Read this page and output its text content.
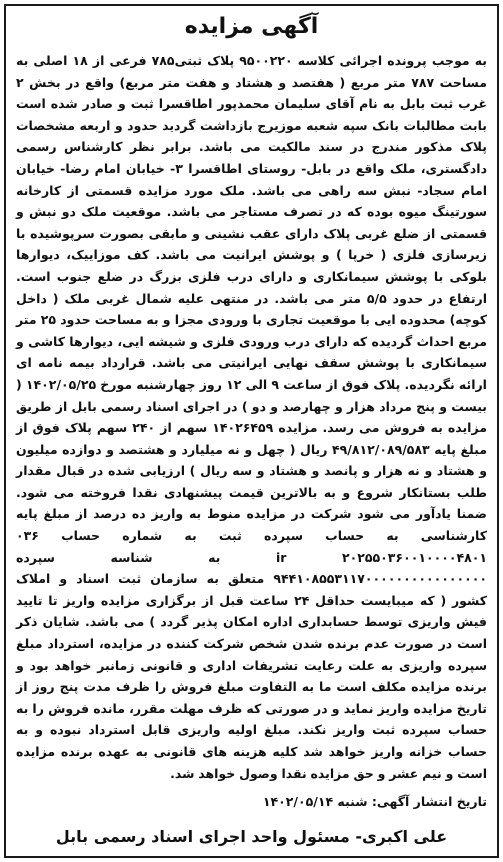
آگهی مزایده

به موجب پرونده اجرائی کلاسه ۹۵۰۰۲۲۰ پلاک ثبتی۷۸۵ فرعی از ۱۸ اصلی به مساحت ۷۸۷ متر مربع ( هفتصد و هشتاد و هفت متر مربع) واقع در بخش ۲ غرب ثبت بابل به نام آقای سلیمان محمدپور اطاقسرا ثبت و صادر شده است بابت مطالبات بانک سپه شعبه موزیرج بازداشت گردید حدود و اربعه مشخصات پلاک مذکور مندرج در سند مالکیت می باشد. برابر نظر کارشناس رسمی دادگستری، ملک واقع در بابل- روستای اطاقسرا ۳- خیابان امام رضا- خیابان امام سجاد- نبش سه راهی می باشد. ملک مورد مزایده قسمتی از کارخانه سورتینگ میوه بوده که در تصرف مستاجر می باشد. موقعیت ملک دو نبش و قسمتی از ضلع غربی پلاک دارای عقب نشینی و مابقی بصورت سرپوشیده با زیرسازی فلزی ( خرپا ) و پوشش ایرانیت می باشد. کف موزاییک، دیوارها بلوکی با پوشش سیمانکاری و دارای درب فلزی بزرگ در ضلع جنوب است. ارتفاع در حدود ۵/۵ متر می باشد. در منتهی علیه شمال غربی ملک ( داخل کوچه) محدوده ایی با موقعیت تجاری با ورودی مجزا و به مساحت حدود ۲۵ متر مربع احداث گردیده که دارای درب ورودی فلزی و شیشه ایی، دیوارها کاشی و سیمانکاری با پوشش سقف نهایی ایرانیتی می باشد. قرارداد بیمه نامه ای ارائه نگردیده. پلاک فوق از ساعت ۹ الی ۱۲ روز چهارشنبه مورخ ۱۴۰۲/۰۵/۲۵ ( بیست و پنج مرداد هزار و چهارصد و دو ) در اجرای اسناد رسمی بابل از طریق مزایده به فروش می رسد. مزایده ۱۴۰۲۶۴۵۹ سهم از ۲۴۰ سهم پلاک فوق از مبلغ پایه ۴۹/۸۱۲/۰۸۹/۵۸۳ ریال ( چهل و نه میلیارد و هشتصد و دوازده میلیون و هشتاد و نه هزار و پانصد و هشتاد و سه ریال ) ارزیابی شده در قبال مقدار طلب بستانکار شروع و به بالاترین قیمت پیشنهادی نقدا فروخته می شود. ضمنا یادآور می شود شرکت در مزایده منوط به واریز ده درصد از مبلغ پایه کارشناسی به حساب سپرده ثبت به شماره حساب ۰۳۶ ۲۰۲۵۵۰۳۶۰۰۱۰۰۰۰۴۸۰۱ ir به شناسه سپرده ۹۴۴۱۰۸۵۵۳۱۱۷۰۰۰۰۰۰۰۰۰۰۰۰۰۰۰۰ متعلق به سازمان ثبت اسناد و املاک کشور ( که میبایست حداقل ۲۴ ساعت قبل از برگزاری مزایده واریز تا تایید فیش واریزی توسط حسابداری اداره امکان پذیر گردد ) می باشد. شایان ذکر است در صورت عدم برنده شدن شخص شرکت کننده در مزایده، استرداد مبلغ سپرده واریزی به علت رعایت تشریفات اداری و قانونی زمانبر خواهد بود و برنده مزایده مکلف است ما به التفاوت مبلغ فروش را ظرف مدت پنج روز از تاریخ مزایده واریز نماید و در صورتی که ظرف مهلت مقرر، مانده فروش را به حساب سپرده ثبت واریز نکند. مبلغ اولیه واریزی قابل استرداد نبوده و به حساب خزانه واریز خواهد شد کلیه هزینه های قانونی به عهده برنده مزایده است و نیم عشر و حق مزایده نقدا وصول خواهد شد.

تاریخ انتشار آگهی: شنبه ۱۴۰۲/۰۵/۱۴
علی اکبری- مسئول واحد اجرای اسناد رسمی بابل
